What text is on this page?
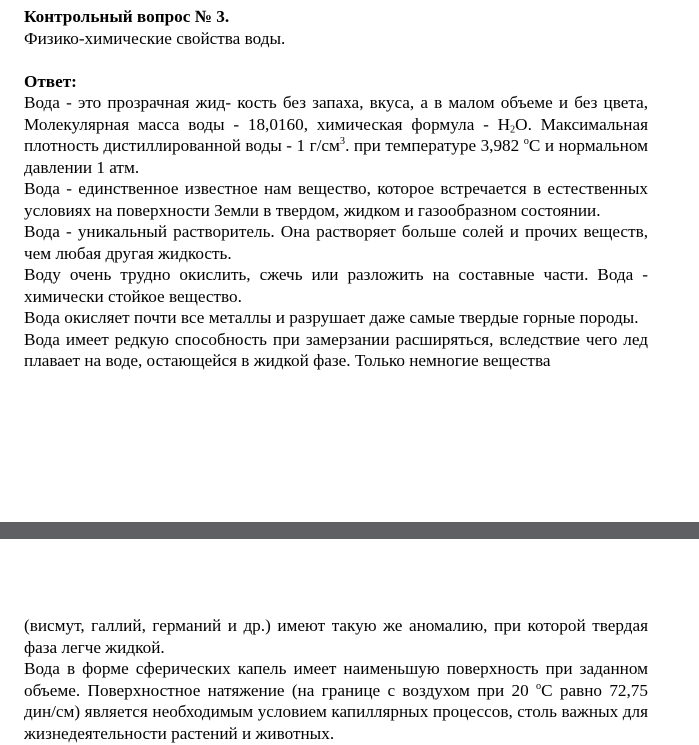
Контрольный вопрос № 3.

Физико-химические свойства воды.

Ответ:

Вода - это прозрачная жид- кость без запаха, вкуса, а в малом объеме и без цвета, Молекулярная масса воды - 18,0160, химическая формула - $H_2O$. Максимальная плотность дистиллированной воды - 1 $г/см^3$. при температуре 3,982 $^o$С и нормальном давлении 1 атм.

Вода - единственное известное нам вещество, которое встречается в естественных условиях на поверхности Земли в твердом, жидком и газообразном состоянии.

Вода - уникальный растворитель. Она растворяет больше солей и прочих веществ, чем любая другая жидкость.

Воду очень трудно окислить, сжечь или разложить на составные части. Вода - химически стойкое вещество.

Вода окисляет почти все металлы и разрушает даже самые твердые горные породы.

Вода имеет редкую способность при замерзании расширяться, вследствие чего лед плавает на воде, остающейся в жидкой фазе. Только немногие вещества

(висмут, галлий, германий и др.) имеют такую же аномалию, при которой твердая фаза легче жидкой.

Вода в форме сферических капель имеет наименьшую поверхность при заданном объеме. Поверхностное натяжение (на границе с воздухом при 20 $^o$С равно 72,75 дин/см) является необходимым условием капиллярных процессов, столь важных для жизнедеятельности растений и животных.
